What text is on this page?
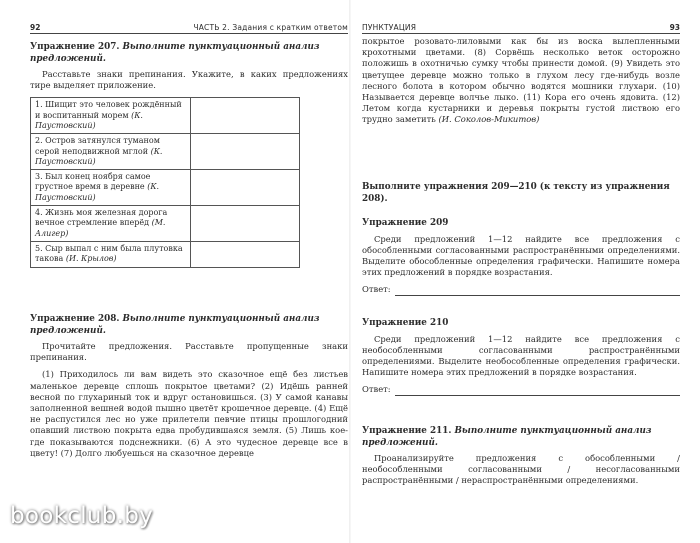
92	ЧАСТЬ 2. Задания с кратким ответом
Упражнение 207. Выполните пунктуационный анализ предложений.

Расставьте знаки препинания. Укажите, в каких предложениях тире выделяет приложение.

1. Шищит это человек рождённый и воспитанный морем (К. Паустовский)	
2. Остров затянулся туманом серой неподвижной мглой (К. Паустовский)	
3. Был конец ноября самое грустное время в деревне (К. Паустовский)	
4. Жизнь моя железная дорога вечное стремление вперёд (М. Алигер)	
5. Сыр выпал с ним была плутовка такова (И. Крылов)	
Упражнение 208. Выполните пунктуационный анализ предложений.

Прочитайте предложения. Расставьте пропущенные знаки препинания.

(1) Приходилось ли вам видеть это сказочное ещё без листьев маленькое деревце сплошь покрытое цветами? (2) Идёшь ранней весной по глухариный ток и вдруг остановишься. (3) У самой канавы заполненной вешней водой пышно цветёт крошечное деревце. (4) Ещё не распустился лес но уже прилетели певчие птицы прошлогодний опавший листвою покрыта едва пробудившаяся земля. (5) Лишь кое-где показываются подснежники. (6) А это чудесное деревце все в цвету! (7) Долго любуешься на сказочное деревце

ПУНКТУАЦИЯ	93

покрытое розовато-лиловыми как бы из воска вылепленными крохотными цветами. (8) Сорвёшь несколько веток осторожно положишь в охотничью сумку чтобы принести домой. (9) Увидеть это цветущее деревце можно только в глухом лесу где-нибудь возле лесного болота в котором обычно водятся мошники глухари. (10) Называется деревце волчье лыко. (11) Кора его очень ядовита. (12) Летом когда кустарники и деревья покрыты густой листвою его трудно заметить (И. Соколов-Микитов)

Выполните упражнения 209—210 (к тексту из упражнения 208).
Упражнение 209

Среди предложений 1—12 найдите все предложения с обособленными согласованными распространёнными определениями. Выделите обособленные определения графически. Напишите номера этих предложений в порядке возрастания.

Ответ:
Упражнение 210

Среди предложений 1—12 найдите все предложения с необособленными согласованными распространёнными определениями. Выделите необособленные определения графически. Напишите номера этих предложений в порядке возрастания.

Ответ:
Упражнение 211. Выполните пунктуационный анализ предложений.

Проанализируйте предложения с обособленными / необособленными согласованными / несогласованными распространёнными / нераспространёнными определениями.

bookclub.by
